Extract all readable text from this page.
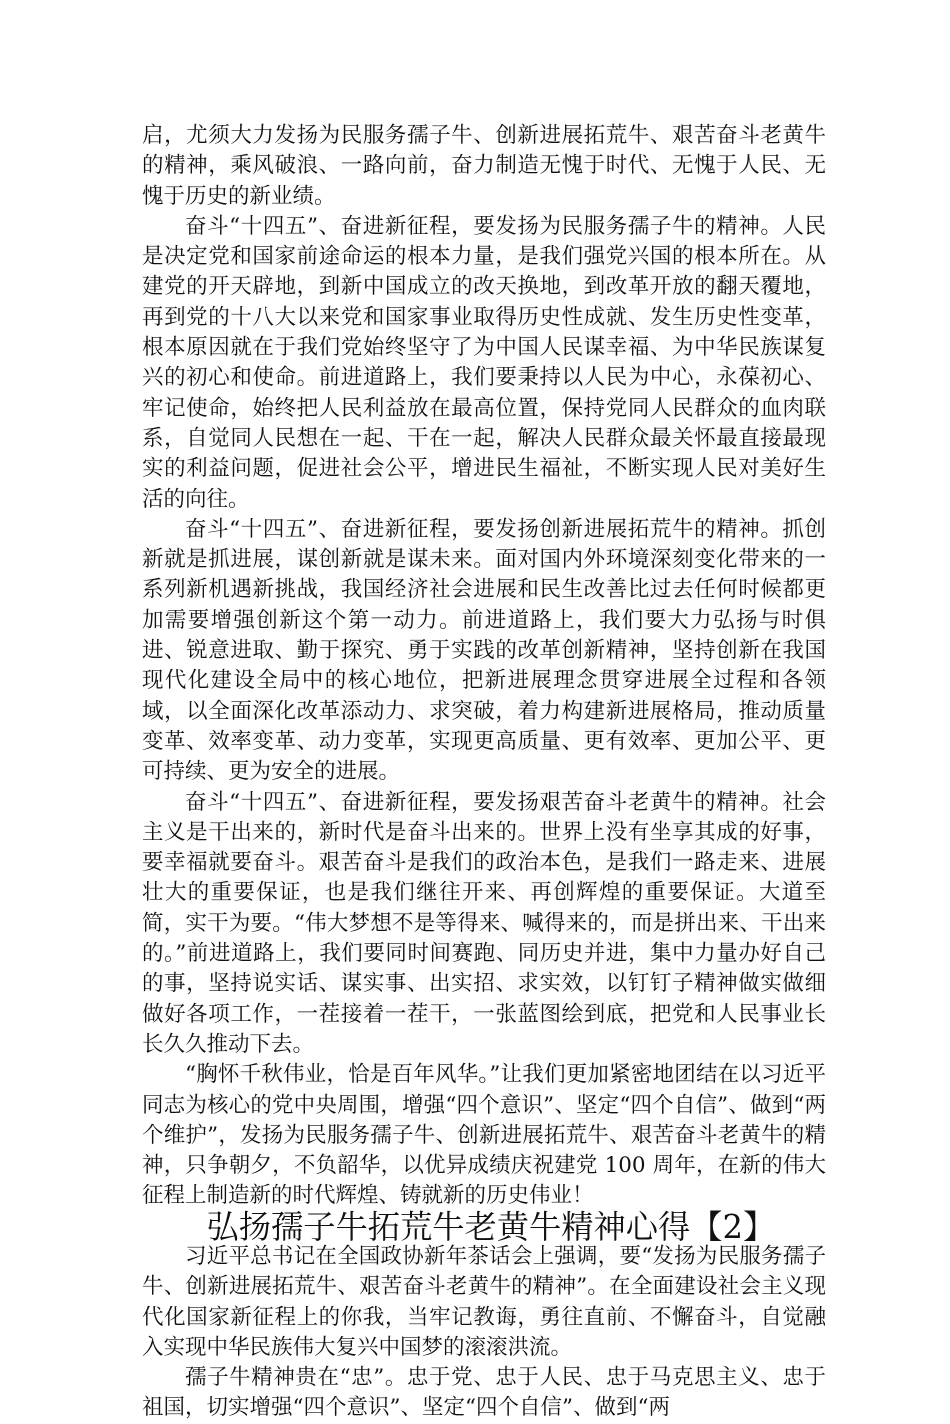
启，尤须大力发扬为民服务孺子牛、创新进展拓荒牛、艰苦奋斗老黄牛的精神，乘风破浪、一路向前，奋力制造无愧于时代、无愧于人民、无愧于历史的新业绩。

奋斗“十四五”、奋进新征程，要发扬为民服务孺子牛的精神。人民是决定党和国家前途命运的根本力量，是我们强党兴国的根本所在。从建党的开天辟地，到新中国成立的改天换地，到改革开放的翻天覆地，再到党的十八大以来党和国家事业取得历史性成就、发生历史性变革，根本原因就在于我们党始终坚守了为中国人民谋幸福、为中华民族谋复兴的初心和使命。前进道路上，我们要秉持以人民为中心，永葆初心、牢记使命，始终把人民利益放在最高位置，保持党同人民群众的血肉联系，自觉同人民想在一起、干在一起，解决人民群众最关怀最直接最现实的利益问题，促进社会公平，增进民生福祉，不断实现人民对美好生活的向往。

奋斗“十四五”、奋进新征程，要发扬创新进展拓荒牛的精神。抓创新就是抓进展，谋创新就是谋未来。面对国内外环境深刻变化带来的一系列新机遇新挑战，我国经济社会进展和民生改善比过去任何时候都更加需要增强创新这个第一动力。前进道路上，我们要大力弘扬与时俱进、锐意进取、勤于探究、勇于实践的改革创新精神，坚持创新在我国现代化建设全局中的核心地位，把新进展理念贯穿进展全过程和各领域，以全面深化改革添动力、求突破，着力构建新进展格局，推动质量变革、效率变革、动力变革，实现更高质量、更有效率、更加公平、更可持续、更为安全的进展。

奋斗“十四五”、奋进新征程，要发扬艰苦奋斗老黄牛的精神。社会主义是干出来的，新时代是奋斗出来的。世界上没有坐享其成的好事，要幸福就要奋斗。艰苦奋斗是我们的政治本色，是我们一路走来、进展壮大的重要保证，也是我们继往开来、再创辉煌的重要保证。大道至简，实干为要。“伟大梦想不是等得来、喊得来的，而是拼出来、干出来的。”前进道路上，我们要同时间赛跑、同历史并进，集中力量办好自己的事，坚持说实话、谋实事、出实招、求实效，以钉钉子精神做实做细做好各项工作，一茬接着一茬干，一张蓝图绘到底，把党和人民事业长长久久推动下去。

“胸怀千秋伟业，恰是百年风华。”让我们更加紧密地团结在以习近平同志为核心的党中央周围，增强“四个意识”、坚定“四个自信”、做到“两个维护”，发扬为民服务孺子牛、创新进展拓荒牛、艰苦奋斗老黄牛的精神，只争朝夕，不负韶华，以优异成绩庆祝建党 100 周年，在新的伟大征程上制造新的时代辉煌、铸就新的历史伟业！

弘扬孺子牛拓荒牛老黄牛精神心得【2】

习近平总书记在全国政协新年茶话会上强调，要“发扬为民服务孺子牛、创新进展拓荒牛、艰苦奋斗老黄牛的精神”。在全面建设社会主义现代化国家新征程上的你我，当牢记教诲，勇往直前、不懈奋斗，自觉融入实现中华民族伟大复兴中国梦的滚滚洪流。

孺子牛精神贵在“忠”。忠于党、忠于人民、忠于马克思主义、忠于祖国，切实增强“四个意识”、坚定“四个自信”、做到“两
